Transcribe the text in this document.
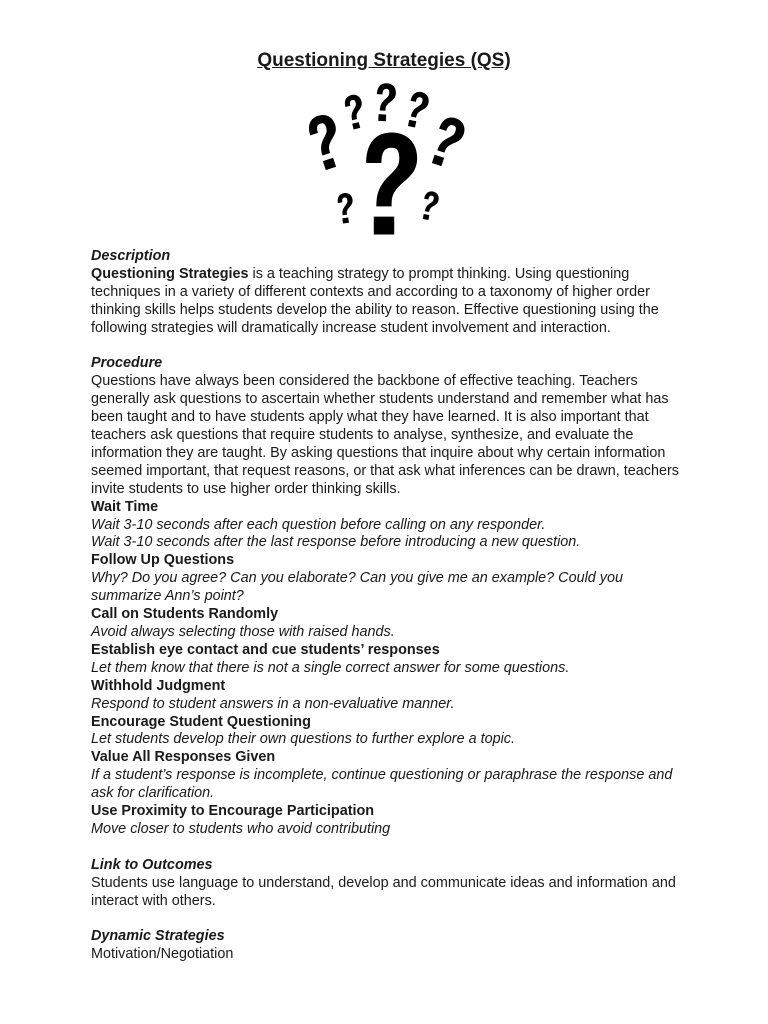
Questioning Strategies (QS)
Description

Questioning Strategies is a teaching strategy to prompt thinking. Using questioning techniques in a variety of different contexts and according to a taxonomy of higher order thinking skills helps students develop the ability to reason. Effective questioning using the following strategies will dramatically increase student involvement and interaction.

Procedure

Questions have always been considered the backbone of effective teaching. Teachers generally ask questions to ascertain whether students understand and remember what has been taught and to have students apply what they have learned. It is also important that teachers ask questions that require students to analyse, synthesize, and evaluate the information they are taught. By asking questions that inquire about why certain information seemed important, that request reasons, or that ask what inferences can be drawn, teachers invite students to use higher order thinking skills.

Wait Time
Wait 3-10 seconds after each question before calling on any responder.
Wait 3-10 seconds after the last response before introducing a new question.
Follow Up Questions
Why? Do you agree? Can you elaborate? Can you give me an example? Could you summarize Ann’s point?
Call on Students Randomly
Avoid always selecting those with raised hands.
Establish eye contact and cue students’ responses
Let them know that there is not a single correct answer for some questions.
Withhold Judgment
Respond to student answers in a non-evaluative manner.
Encourage Student Questioning
Let students develop their own questions to further explore a topic.
Value All Responses Given
If a student’s response is incomplete, continue questioning or paraphrase the response and ask for clarification.
Use Proximity to Encourage Participation
Move closer to students who avoid contributing
Link to Outcomes

Students use language to understand, develop and communicate ideas and information and interact with others.

Dynamic Strategies

Motivation/Negotiation
